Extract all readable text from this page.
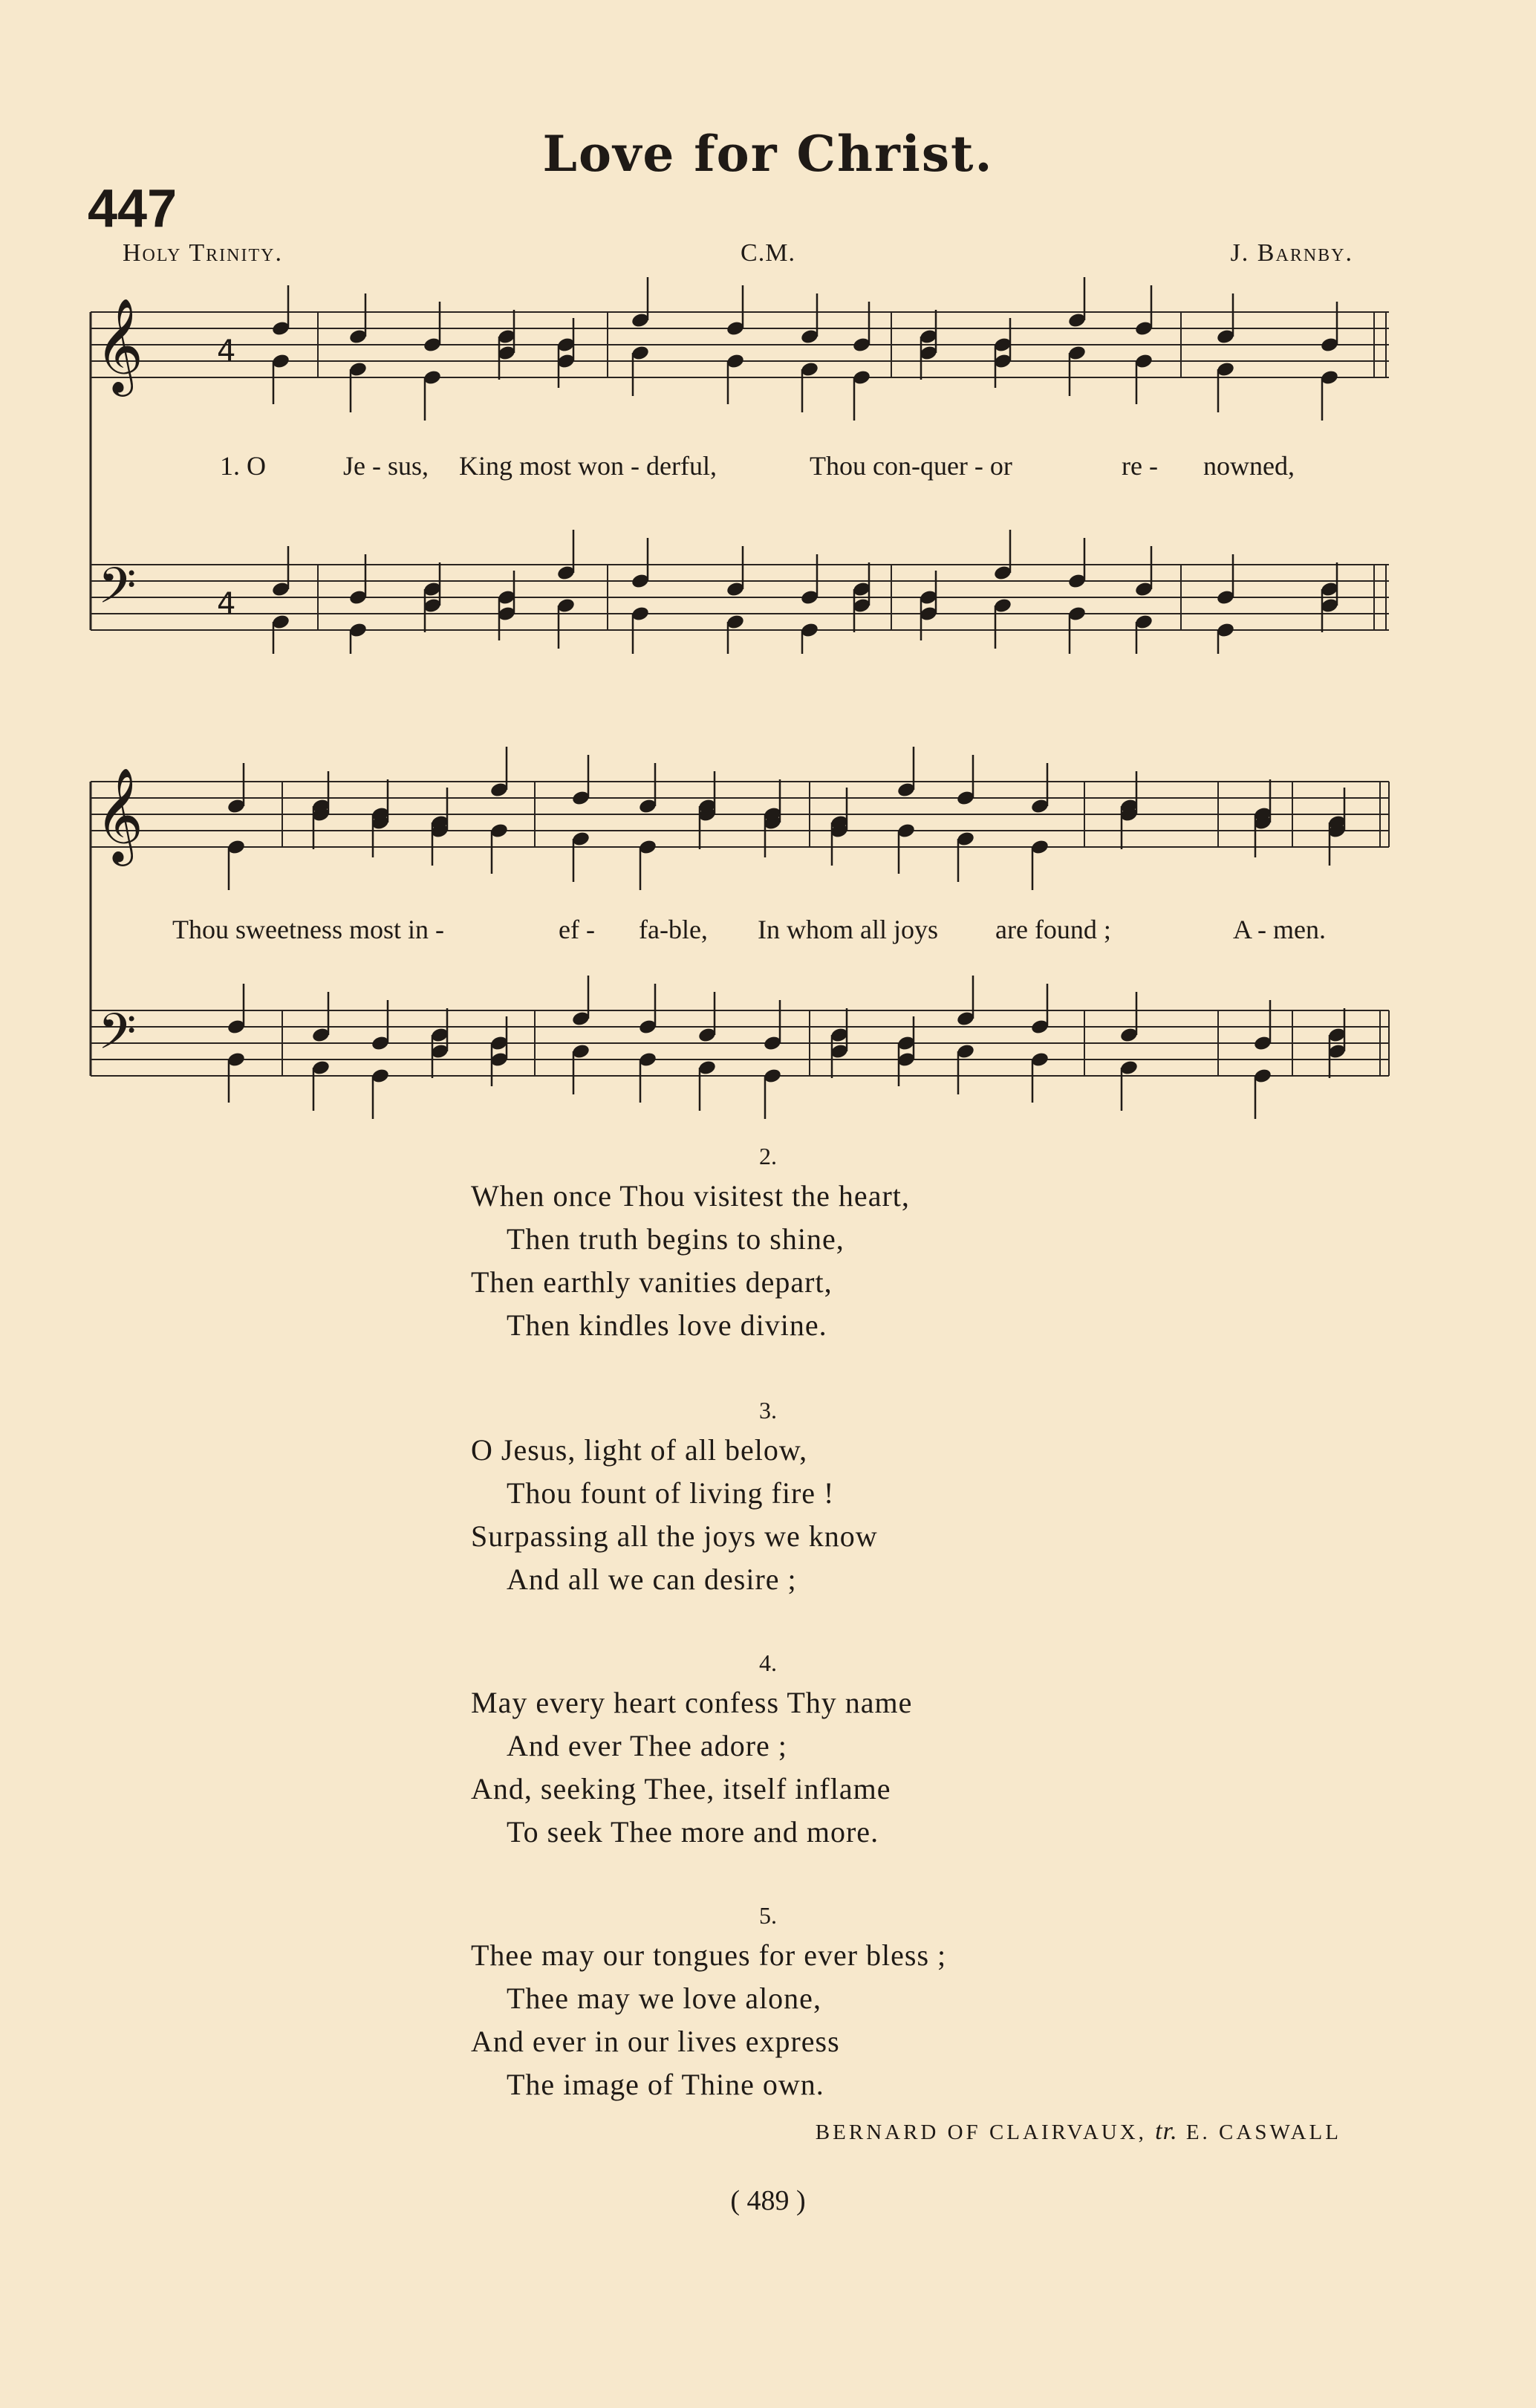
Love for Christ.
447
Holy Trinity.	C.M.	J. Barnby.
𝄞
𝄢
4
4
1. O	Je - sus, King most won - derful,	Thou con-quer - or	re - nowned,
𝄞
𝄢
Thou sweetness most in -	ef - fa-ble, In whom all joys are found ;	A - men.
2.
When once Thou visitest the heart,
Then truth begins to shine,
Then earthly vanities depart,
Then kindles love divine.
3.
O Jesus, light of all below,
Thou fount of living fire !
Surpassing all the joys we know
And all we can desire ;
4.
May every heart confess Thy name
And ever Thee adore ;
And, seeking Thee, itself inflame
To seek Thee more and more.
5.
Thee may our tongues for ever bless ;
Thee may we love alone,
And ever in our lives express
The image of Thine own.
BERNARD OF CLAIRVAUX, tr. E. CASWALL
( 489 )
